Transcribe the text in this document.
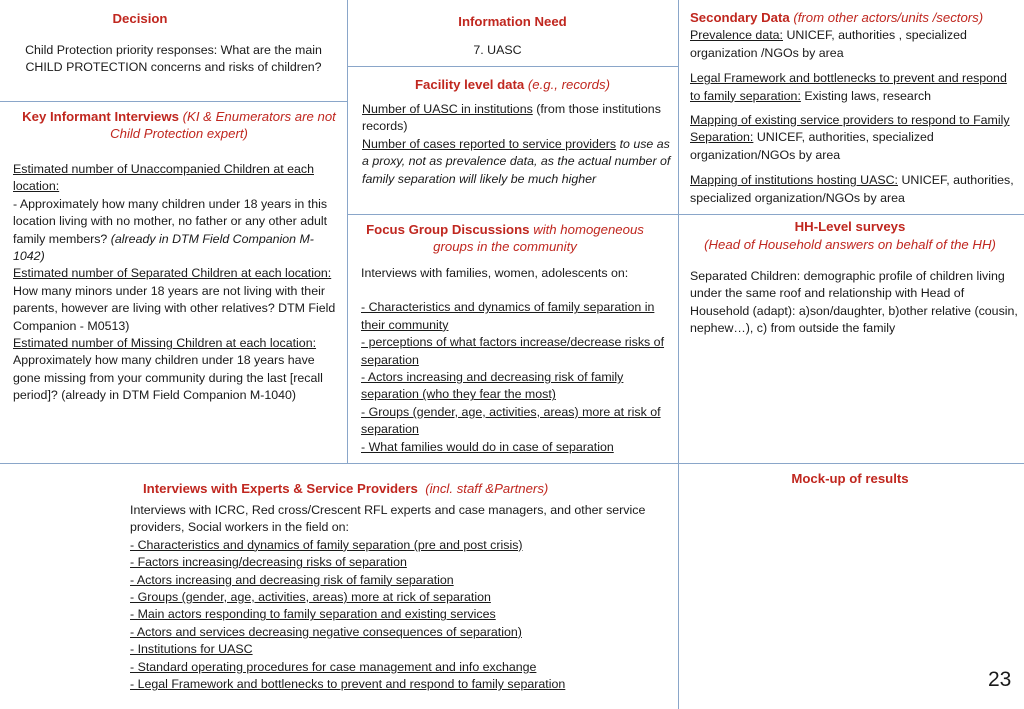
Decision

Child Protection priority responses: What are the main

CHILD PROTECTION concerns and risks of children?

Information Need

7. UASC

Secondary Data (from other actors/units /sectors)

Prevalence data: UNICEF, authorities , specialized organization /NGOs by area

Legal Framework and bottlenecks to prevent and respond to family separation: Existing laws, research

Mapping of existing service providers to respond to Family Separation: UNICEF, authorities, specialized organization/NGOs by area

Mapping of institutions hosting UASC: UNICEF, authorities, specialized organization/NGOs by area

Key Informant Interviews (KI & Enumerators are not Child Protection expert)

Estimated number of Unaccompanied Children at each location:

- Approximately how many children under 18 years in this location living with no mother, no father or any other adult family members? (already in DTM Field Companion M-1042)

Estimated number of Separated Children at each location:

How many minors under 18 years are not living with their parents, however are living with other relatives? DTM Field Companion - M0513)

Estimated number of Missing Children at each location:

Approximately how many children under 18 years have gone missing from your community during the last [recall period]? (already in DTM Field Companion M-1040)

Facility level data (e.g., records)

Number of UASC in institutions (from those institutions records)

Number of cases reported to service providers to use as a proxy, not as prevalence data, as the actual number of family separation will likely be much higher

Focus Group Discussions with homogeneous groups in the community

Interviews with families, women, adolescents on:

- Characteristics and dynamics of family separation in their community

- perceptions of what factors increase/decrease risks of separation

- Actors increasing and decreasing risk of family separation (who they fear the most)

- Groups (gender, age, activities, areas) more at risk of separation

- What families would do in case of separation

HH-Level surveys

(Head of Household answers on behalf of the HH)

Separated Children: demographic profile of children living under the same roof and relationship with Head of Household (adapt): a)son/daughter, b)other relative (cousin, nephew…), c) from outside the family

Interviews with Experts & Service Providers (incl. staff &Partners)

Interviews with ICRC, Red cross/Crescent RFL experts and case managers, and other service providers, Social workers in the field on:

- Characteristics and dynamics of family separation (pre and post crisis)

- Factors increasing/decreasing risks of separation

- Actors increasing and decreasing risk of family separation

- Groups (gender, age, activities, areas) more at rick of separation

- Main actors responding to family separation and existing services

- Actors and services decreasing negative consequences of separation)

- Institutions for UASC

- Standard operating procedures for case management and info exchange

- Legal Framework and bottlenecks to prevent and respond to family separation

Mock-up of results

23
